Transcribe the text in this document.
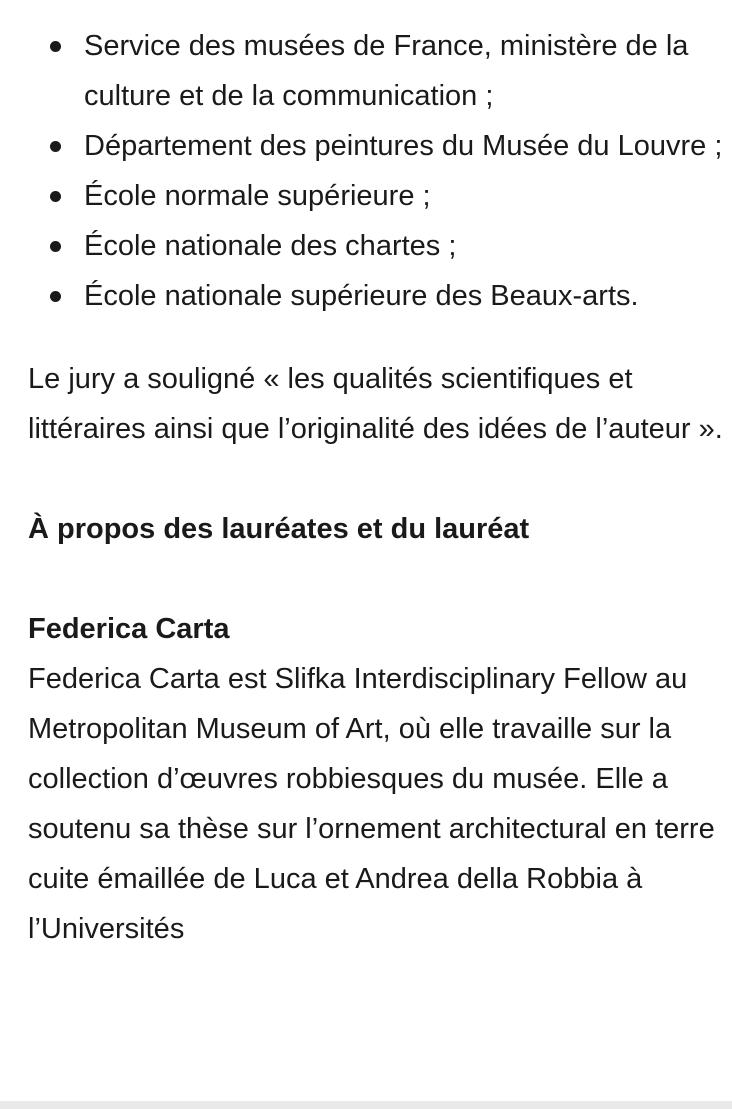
Service des musées de France, ministère de la culture et de la communication ;
Département des peintures du Musée du Louvre ;
École normale supérieure ;
École nationale des chartes ;
École nationale supérieure des Beaux-arts.

Le jury a souligné « les qualités scientifiques et littéraires ainsi que l’originalité des idées de l’auteur ».

À propos des lauréates et du lauréat

Federica Carta

Federica Carta est Slifka Interdisciplinary Fellow au Metropolitan Museum of Art, où elle travaille sur la collection d’œuvres robbiesques du musée. Elle a soutenu sa thèse sur l’ornement architectural en terre cuite émaillée de Luca et Andrea della Robbia à l’Universités
